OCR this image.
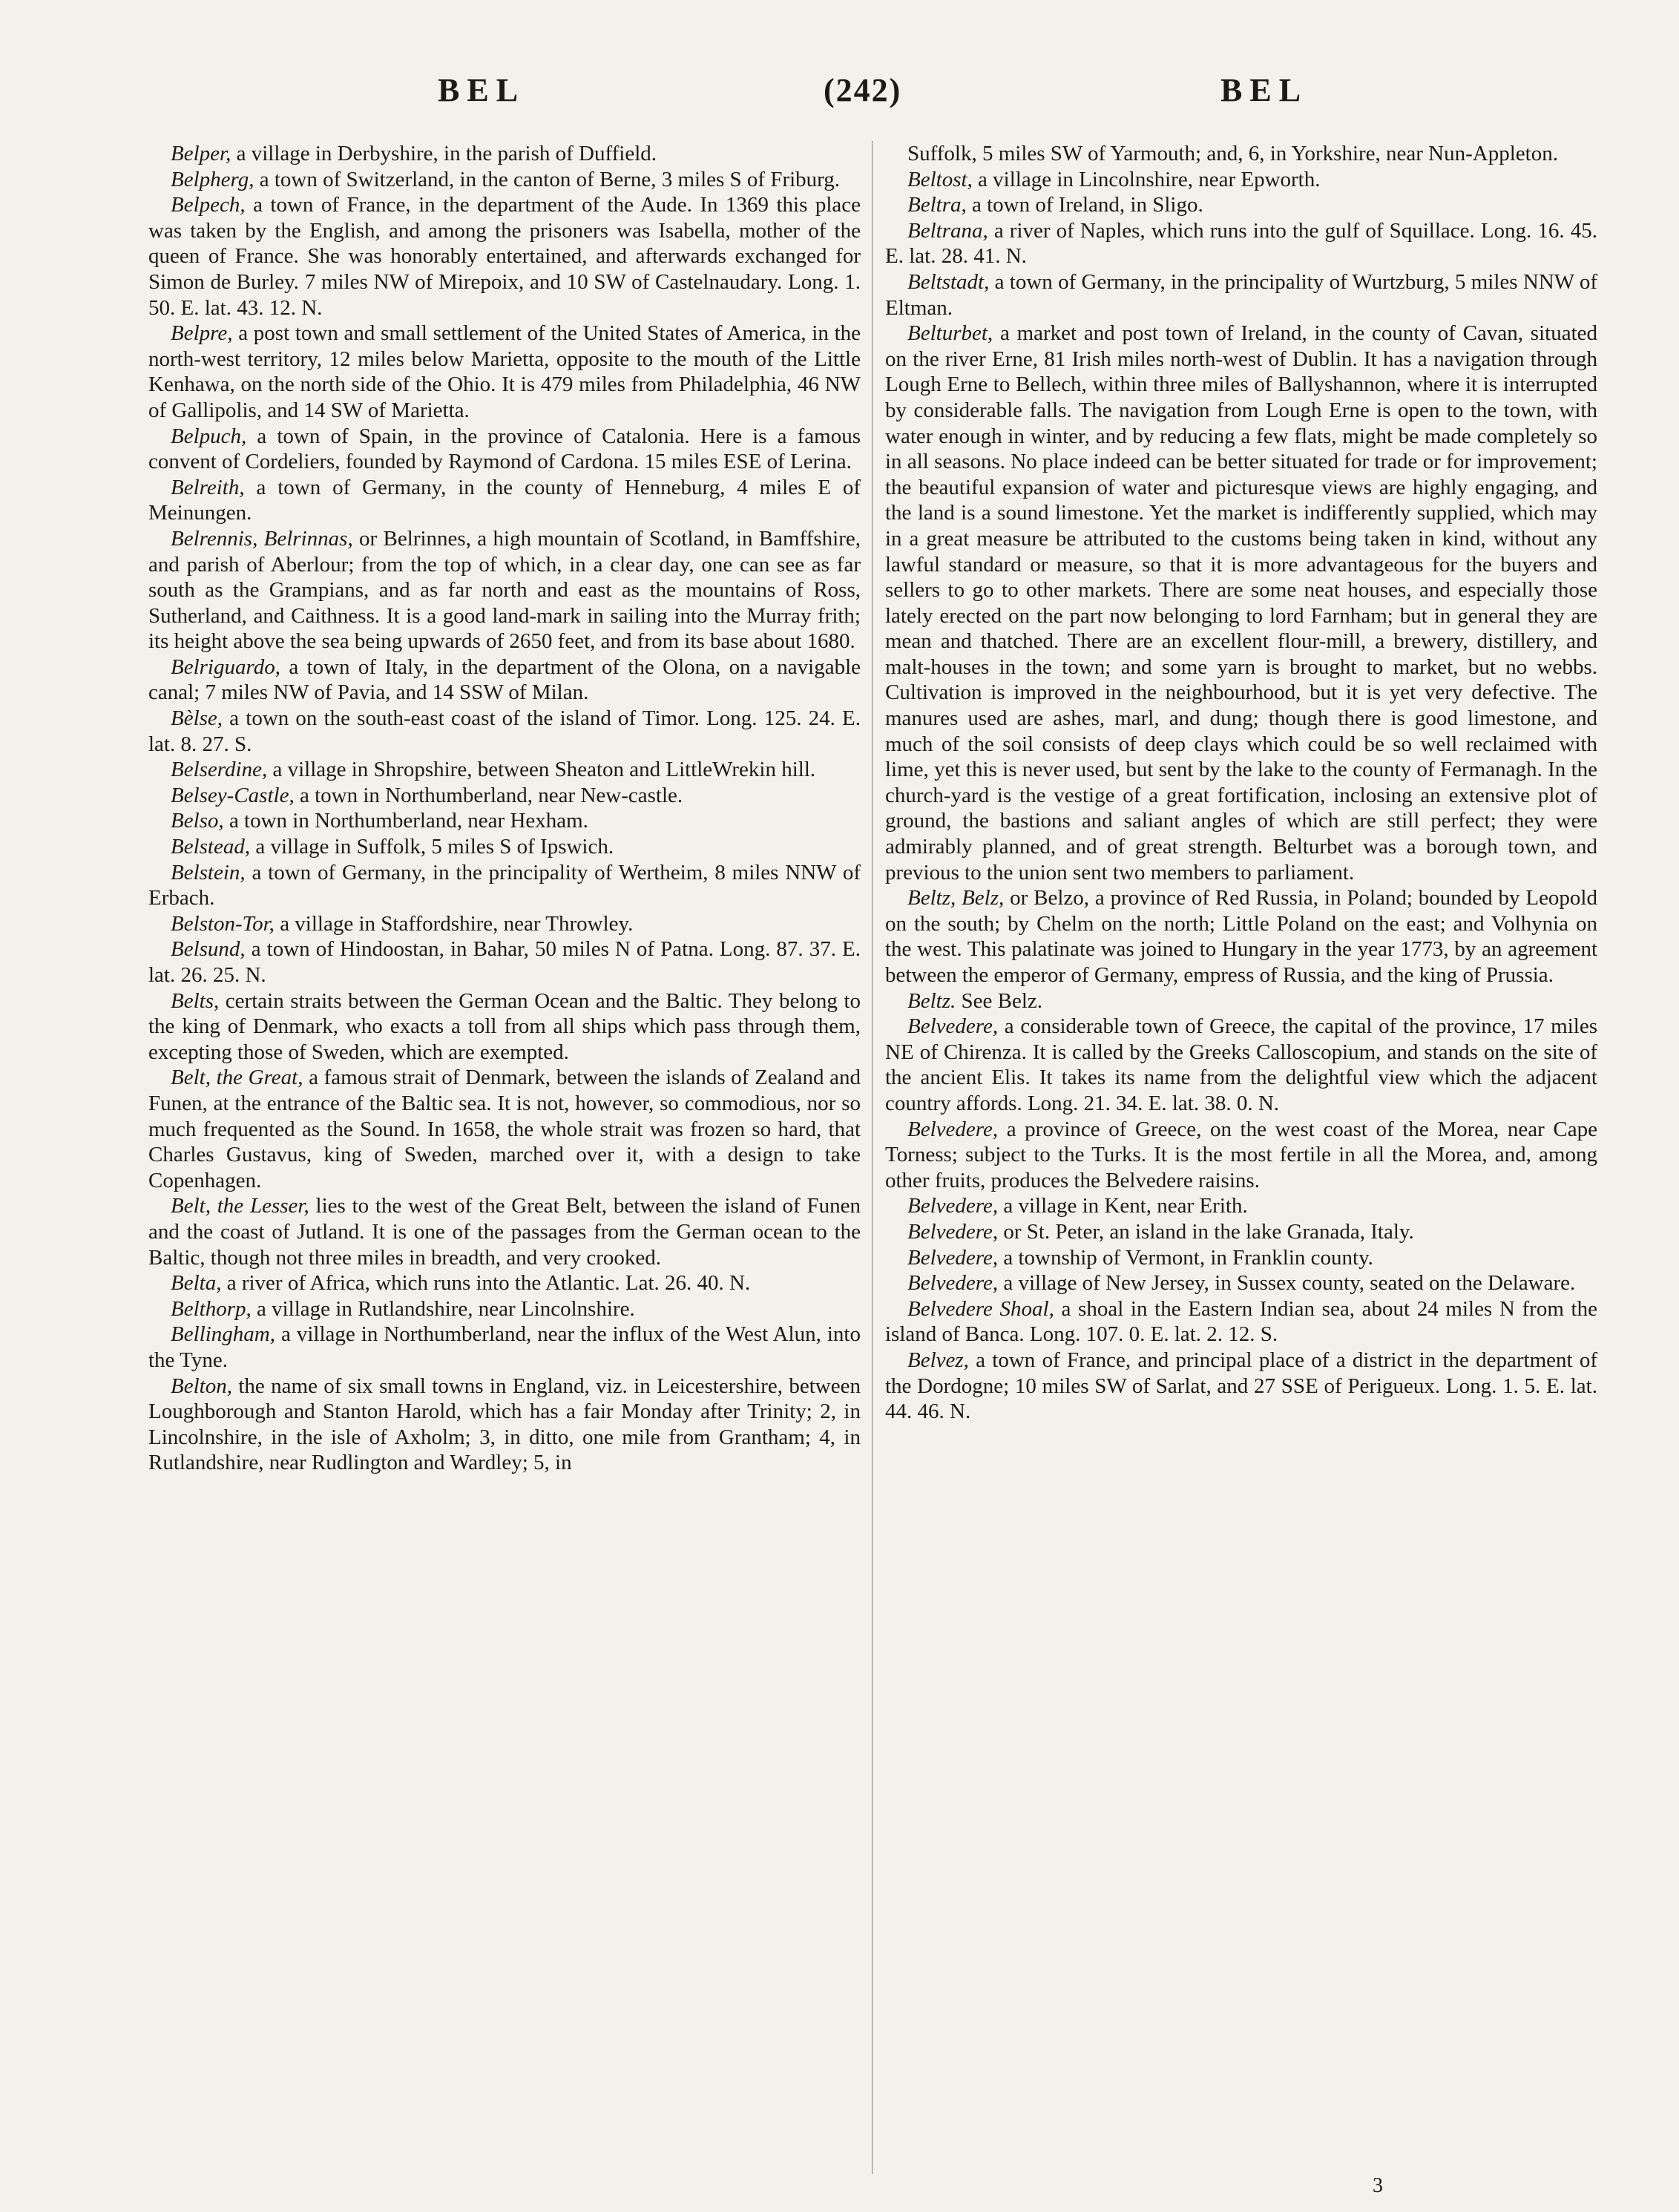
BEL	(242)	BEL

Belper, a village in Derbyshire, in the parish of Duffield.

Belpherg, a town of Switzerland, in the canton of Berne, 3 miles S of Friburg.

Belpech, a town of France, in the department of the Aude. In 1369 this place was taken by the English, and among the prisoners was Isabella, mother of the queen of France. She was honorably entertained, and afterwards exchanged for Simon de Burley. 7 miles NW of Mirepoix, and 10 SW of Castelnaudary. Long. 1. 50. E. lat. 43. 12. N.

Belpre, a post town and small settlement of the United States of America, in the north-west territory, 12 miles below Marietta, opposite to the mouth of the Little Kenhawa, on the north side of the Ohio. It is 479 miles from Philadelphia, 46 NW of Gallipolis, and 14 SW of Marietta.

Belpuch, a town of Spain, in the province of Catalonia. Here is a famous convent of Cordeliers, founded by Raymond of Cardona. 15 miles ESE of Lerina.

Belreith, a town of Germany, in the county of Henneburg, 4 miles E of Meinungen.

Belrennis, Belrinnas, or Belrinnes, a high mountain of Scotland, in Bamffshire, and parish of Aberlour; from the top of which, in a clear day, one can see as far south as the Grampians, and as far north and east as the mountains of Ross, Sutherland, and Caithness. It is a good land-mark in sailing into the Murray frith; its height above the sea being upwards of 2650 feet, and from its base about 1680.

Belriguardo, a town of Italy, in the department of the Olona, on a navigable canal; 7 miles NW of Pavia, and 14 SSW of Milan.

Bèlse, a town on the south-east coast of the island of Timor. Long. 125. 24. E. lat. 8. 27. S.

Belserdine, a village in Shropshire, between Sheaton and LittleWrekin hill.

Belsey-Castle, a town in Northumberland, near New-castle.

Belso, a town in Northumberland, near Hexham.

Belstead, a village in Suffolk, 5 miles S of Ipswich.

Belstein, a town of Germany, in the principality of Wertheim, 8 miles NNW of Erbach.

Belston-Tor, a village in Staffordshire, near Throwley.

Belsund, a town of Hindoostan, in Bahar, 50 miles N of Patna. Long. 87. 37. E. lat. 26. 25. N.

Belts, certain straits between the German Ocean and the Baltic. They belong to the king of Denmark, who exacts a toll from all ships which pass through them, excepting those of Sweden, which are exempted.

Belt, the Great, a famous strait of Denmark, between the islands of Zealand and Funen, at the entrance of the Baltic sea. It is not, however, so commodious, nor so much frequented as the Sound. In 1658, the whole strait was frozen so hard, that Charles Gustavus, king of Sweden, marched over it, with a design to take Copenhagen.

Belt, the Lesser, lies to the west of the Great Belt, between the island of Funen and the coast of Jutland. It is one of the passages from the German ocean to the Baltic, though not three miles in breadth, and very crooked.

Belta, a river of Africa, which runs into the Atlantic. Lat. 26. 40. N.

Belthorp, a village in Rutlandshire, near Lincolnshire.

Bellingham, a village in Northumberland, near the influx of the West Alun, into the Tyne.

Belton, the name of six small towns in England, viz. in Leicestershire, between Loughborough and Stanton Harold, which has a fair Monday after Trinity; 2, in Lincolnshire, in the isle of Axholm; 3, in ditto, one mile from Grantham; 4, in Rutlandshire, near Rudlington and Wardley; 5, in

Suffolk, 5 miles SW of Yarmouth; and, 6, in Yorkshire, near Nun-Appleton.

Beltost, a village in Lincolnshire, near Epworth.

Beltra, a town of Ireland, in Sligo.

Beltrana, a river of Naples, which runs into the gulf of Squillace. Long. 16. 45. E. lat. 28. 41. N.

Beltstadt, a town of Germany, in the principality of Wurtzburg, 5 miles NNW of Eltman.

Belturbet, a market and post town of Ireland, in the county of Cavan, situated on the river Erne, 81 Irish miles north-west of Dublin. It has a navigation through Lough Erne to Bellech, within three miles of Ballyshannon, where it is interrupted by considerable falls. The navigation from Lough Erne is open to the town, with water enough in winter, and by reducing a few flats, might be made completely so in all seasons. No place indeed can be better situated for trade or for improvement; the beautiful expansion of water and picturesque views are highly engaging, and the land is a sound limestone. Yet the market is indifferently supplied, which may in a great measure be attributed to the customs being taken in kind, without any lawful standard or measure, so that it is more advantageous for the buyers and sellers to go to other markets. There are some neat houses, and especially those lately erected on the part now belonging to lord Farnham; but in general they are mean and thatched. There are an excellent flour-mill, a brewery, distillery, and malt-houses in the town; and some yarn is brought to market, but no webbs. Cultivation is improved in the neighbourhood, but it is yet very defective. The manures used are ashes, marl, and dung; though there is good limestone, and much of the soil consists of deep clays which could be so well reclaimed with lime, yet this is never used, but sent by the lake to the county of Fermanagh. In the church-yard is the vestige of a great fortification, inclosing an extensive plot of ground, the bastions and saliant angles of which are still perfect; they were admirably planned, and of great strength. Belturbet was a borough town, and previous to the union sent two members to parliament.

Beltz, Belz, or Belzo, a province of Red Russia, in Poland; bounded by Leopold on the south; by Chelm on the north; Little Poland on the east; and Volhynia on the west. This palatinate was joined to Hungary in the year 1773, by an agreement between the emperor of Germany, empress of Russia, and the king of Prussia.

Beltz. See Belz.

Belvedere, a considerable town of Greece, the capital of the province, 17 miles NE of Chirenza. It is called by the Greeks Calloscopium, and stands on the site of the ancient Elis. It takes its name from the delightful view which the adjacent country affords. Long. 21. 34. E. lat. 38. 0. N.

Belvedere, a province of Greece, on the west coast of the Morea, near Cape Torness; subject to the Turks. It is the most fertile in all the Morea, and, among other fruits, produces the Belvedere raisins.

Belvedere, a village in Kent, near Erith.

Belvedere, or St. Peter, an island in the lake Granada, Italy.

Belvedere, a township of Vermont, in Franklin county.

Belvedere, a village of New Jersey, in Sussex county, seated on the Delaware.

Belvedere Shoal, a shoal in the Eastern Indian sea, about 24 miles N from the island of Banca. Long. 107. 0. E. lat. 2. 12. S.

Belvez, a town of France, and principal place of a district in the department of the Dordogne; 10 miles SW of Sarlat, and 27 SSE of Perigueux. Long. 1. 5. E. lat. 44. 46. N.

3
